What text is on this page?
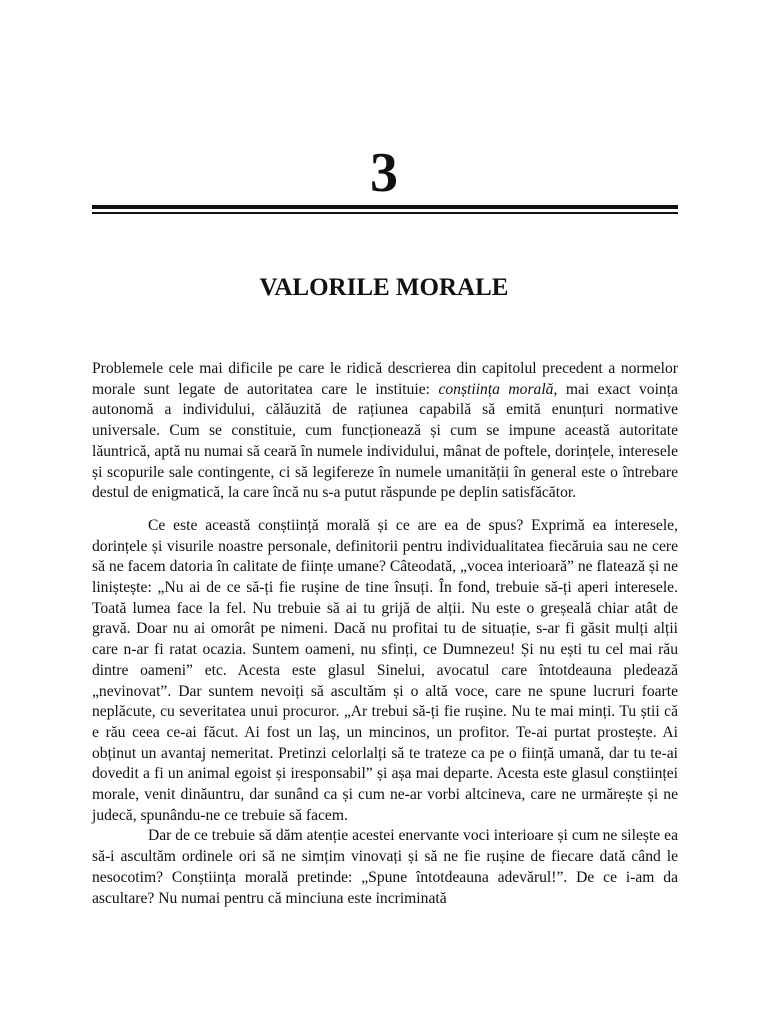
3
VALORILE MORALE

Problemele cele mai dificile pe care le ridică descrierea din capitolul precedent a normelor morale sunt legate de autoritatea care le instituie: conștiința morală, mai exact voința autonomă a individului, călăuzită de rațiunea capabilă să emită enunțuri normative universale. Cum se constituie, cum funcționează și cum se impune această autoritate lăuntrică, aptă nu numai să ceară în numele individului, mânat de poftele, dorințele, interesele și scopurile sale contingente, ci să legifereze în numele umanității în general este o întrebare destul de enigmatică, la care încă nu s-a putut răspunde pe deplin satisfăcător.

Ce este această conștiință morală și ce are ea de spus? Exprimă ea interesele, dorințele și visurile noastre personale, definitorii pentru individualitatea fiecăruia sau ne cere să ne facem datoria în calitate de ființe umane? Câteodată, „vocea interioară” ne flatează și ne liniștește: „Nu ai de ce să-ți fie rușine de tine însuți. În fond, trebuie să-ți aperi interesele. Toată lumea face la fel. Nu trebuie să ai tu grijă de alții. Nu este o greșeală chiar atât de gravă. Doar nu ai omorât pe nimeni. Dacă nu profitai tu de situație, s-ar fi găsit mulți alții care n-ar fi ratat ocazia. Suntem oameni, nu sfinți, ce Dumnezeu! Și nu ești tu cel mai rău dintre oameni” etc. Acesta este glasul Sinelui, avocatul care întotdeauna pledează „nevinovat”. Dar suntem nevoiți să ascultăm și o altă voce, care ne spune lucruri foarte neplăcute, cu severitatea unui procuror. „Ar trebui să-ți fie rușine. Nu te mai minți. Tu știi că e rău ceea ce-ai făcut. Ai fost un laș, un mincinos, un profitor. Te-ai purtat prostește. Ai obținut un avantaj nemeritat. Pretinzi celorlalți să te trateze ca pe o ființă umană, dar tu te-ai dovedit a fi un animal egoist și iresponsabil” și așa mai departe. Acesta este glasul conștiinței morale, venit dinăuntru, dar sunând ca și cum ne-ar vorbi altcineva, care ne urmărește și ne judecă, spunându-ne ce trebuie să facem.

Dar de ce trebuie să dăm atenție acestei enervante voci interioare și cum ne silește ea să-i ascultăm ordinele ori să ne simțim vinovați și să ne fie rușine de fiecare dată când le nesocotim? Conștiința morală pretinde: „Spune întotdeauna adevărul!”. De ce i-am da ascultare? Nu numai pentru că minciuna este incriminată
